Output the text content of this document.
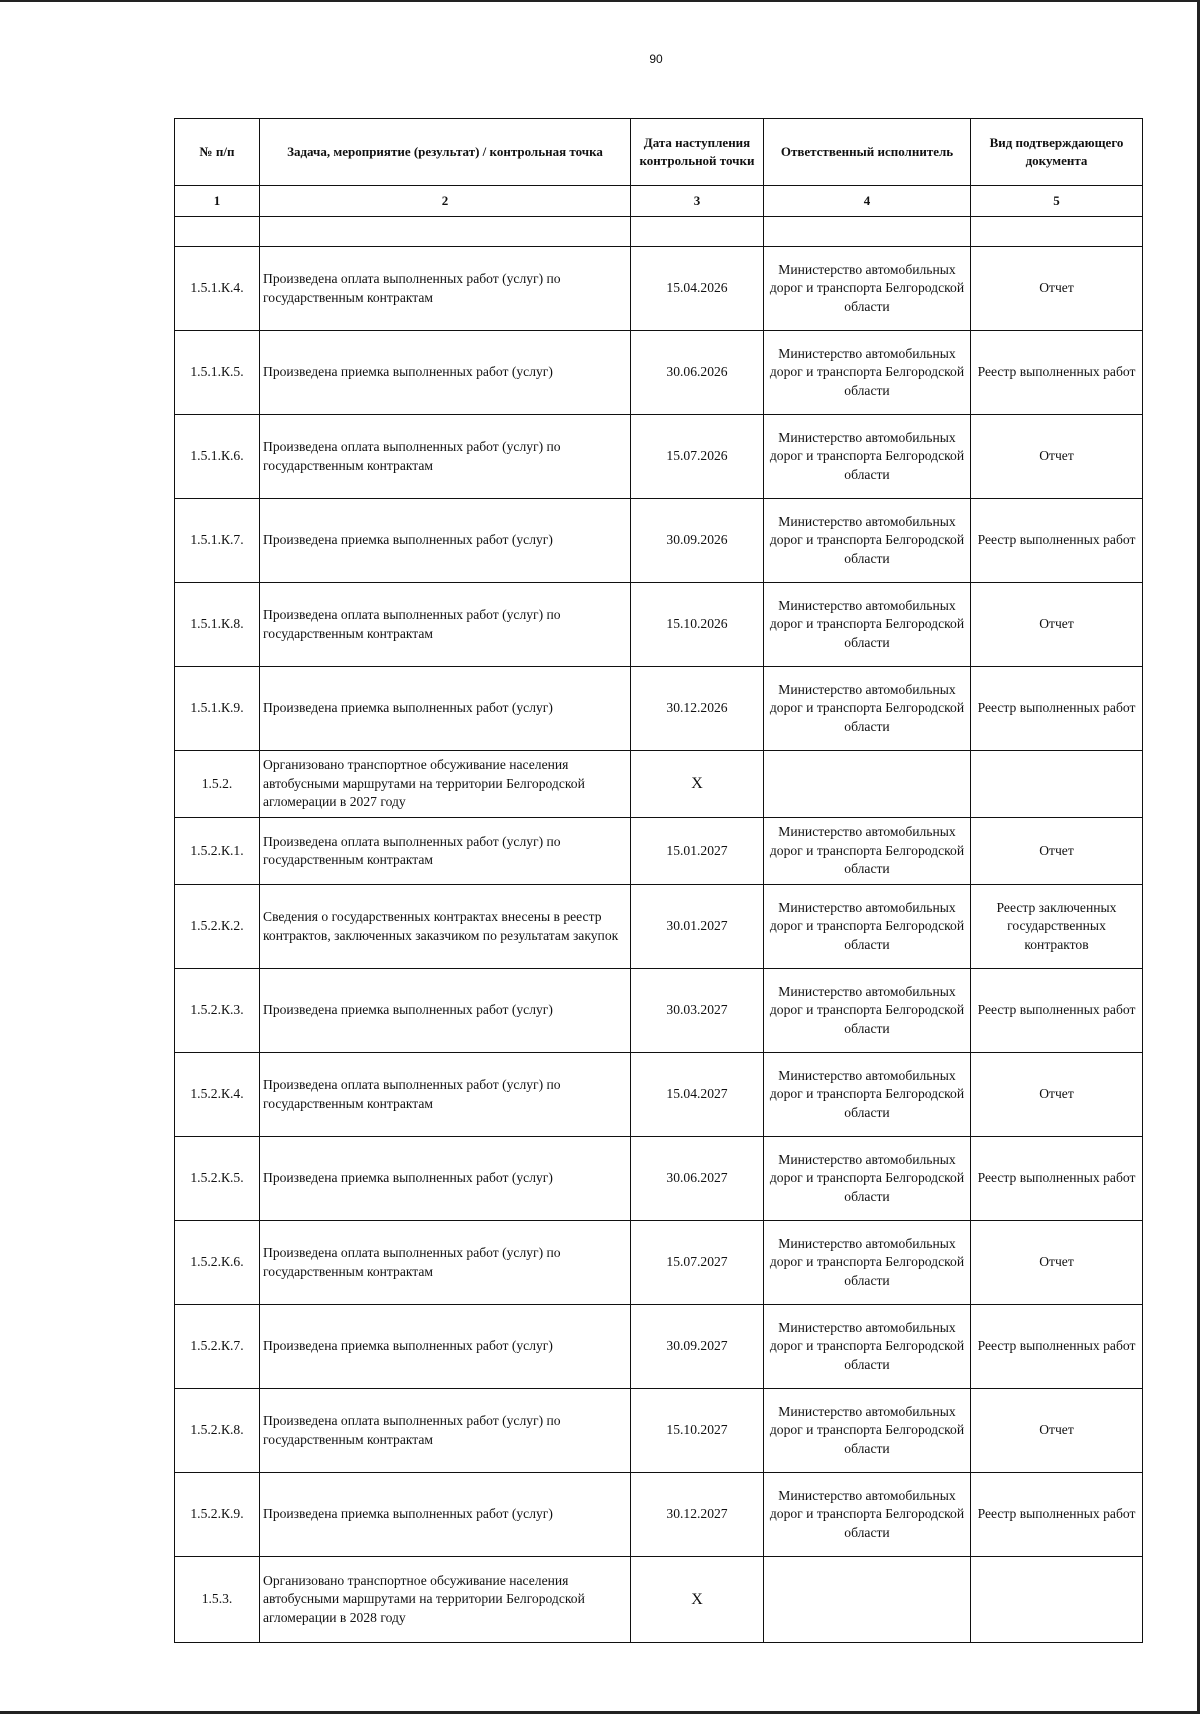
90
№ п/п	Задача, мероприятие (результат) / контрольная точка	Дата наступления контрольной точки	Ответственный исполнитель	Вид подтверждающего документа
1	2	3	4	5

1.5.1.К.4.	Произведена оплата выполненных работ (услуг) по государственным контрактам	15.04.2026	Министерство автомобильных дорог и транспорта Белгородской области	Отчет
1.5.1.К.5.	Произведена приемка выполненных работ (услуг)	30.06.2026	Министерство автомобильных дорог и транспорта Белгородской области	Реестр выполненных работ
1.5.1.К.6.	Произведена оплата выполненных работ (услуг) по государственным контрактам	15.07.2026	Министерство автомобильных дорог и транспорта Белгородской области	Отчет
1.5.1.К.7.	Произведена приемка выполненных работ (услуг)	30.09.2026	Министерство автомобильных дорог и транспорта Белгородской области	Реестр выполненных работ
1.5.1.К.8.	Произведена оплата выполненных работ (услуг) по государственным контрактам	15.10.2026	Министерство автомобильных дорог и транспорта Белгородской области	Отчет
1.5.1.К.9.	Произведена приемка выполненных работ (услуг)	30.12.2026	Министерство автомобильных дорог и транспорта Белгородской области	Реестр выполненных работ
1.5.2.	Организовано транспортное обсуживание населения автобусными маршрутами на территории Белгородской агломерации в 2027 году	X		
1.5.2.К.1.	Произведена оплата выполненных работ (услуг) по государственным контрактам	15.01.2027	Министерство автомобильных дорог и транспорта Белгородской области	Отчет
1.5.2.К.2.	Сведения о государственных контрактах внесены в реестр контрактов, заключенных заказчиком по результатам закупок	30.01.2027	Министерство автомобильных дорог и транспорта Белгородской области	Реестр заключенных государственных контрактов
1.5.2.К.3.	Произведена приемка выполненных работ (услуг)	30.03.2027	Министерство автомобильных дорог и транспорта Белгородской области	Реестр выполненных работ
1.5.2.К.4.	Произведена оплата выполненных работ (услуг) по государственным контрактам	15.04.2027	Министерство автомобильных дорог и транспорта Белгородской области	Отчет
1.5.2.К.5.	Произведена приемка выполненных работ (услуг)	30.06.2027	Министерство автомобильных дорог и транспорта Белгородской области	Реестр выполненных работ
1.5.2.К.6.	Произведена оплата выполненных работ (услуг) по государственным контрактам	15.07.2027	Министерство автомобильных дорог и транспорта Белгородской области	Отчет
1.5.2.К.7.	Произведена приемка выполненных работ (услуг)	30.09.2027	Министерство автомобильных дорог и транспорта Белгородской области	Реестр выполненных работ
1.5.2.К.8.	Произведена оплата выполненных работ (услуг) по государственным контрактам	15.10.2027	Министерство автомобильных дорог и транспорта Белгородской области	Отчет
1.5.2.К.9.	Произведена приемка выполненных работ (услуг)	30.12.2027	Министерство автомобильных дорог и транспорта Белгородской области	Реестр выполненных работ
1.5.3.	Организовано транспортное обсуживание населения автобусными маршрутами на территории Белгородской агломерации в 2028 году	X		
